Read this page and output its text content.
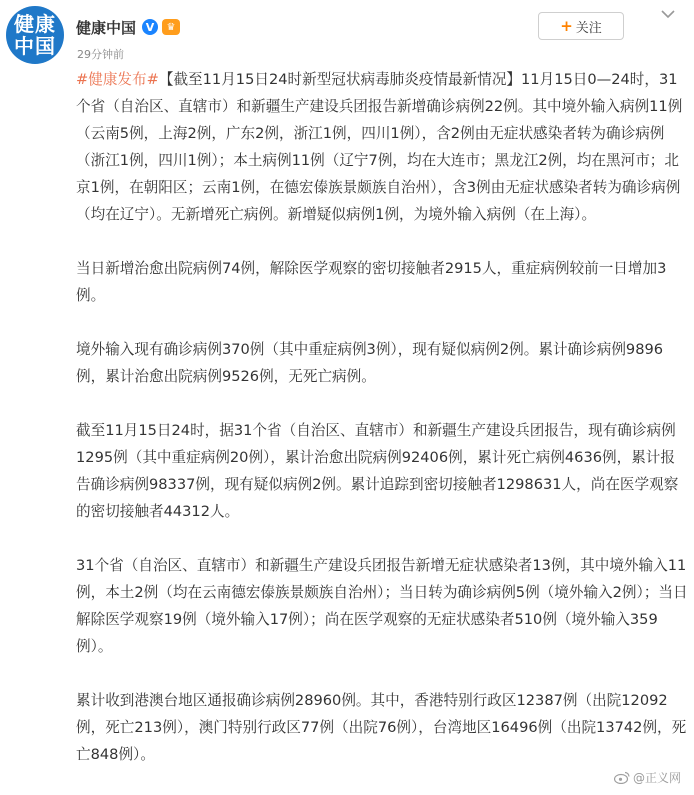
健康中国
健康中国 V	♛
29分钟前
+ 关注

#健康发布#【截至11月15日24时新型冠状病毒肺炎疫情最新情况】11月15日0—24时，31个省（自治区、直辖市）和新疆生产建设兵团报告新增确诊病例22例。其中境外输入病例11例（云南5例，上海2例，广东2例，浙江1例，四川1例），含2例由无症状感染者转为确诊病例（浙江1例，四川1例）；本土病例11例（辽宁7例，均在大连市；黑龙江2例，均在黑河市；北京1例，在朝阳区；云南1例，在德宏傣族景颇族自治州），含3例由无症状感染者转为确诊病例（均在辽宁）。无新增死亡病例。新增疑似病例1例，为境外输入病例（在上海）。

当日新增治愈出院病例74例，解除医学观察的密切接触者2915人，重症病例较前一日增加3例。

境外输入现有确诊病例370例（其中重症病例3例），现有疑似病例2例。累计确诊病例9896例，累计治愈出院病例9526例，无死亡病例。

截至11月15日24时，据31个省（自治区、直辖市）和新疆生产建设兵团报告，现有确诊病例1295例（其中重症病例20例），累计治愈出院病例92406例，累计死亡病例4636例，累计报告确诊病例98337例，现有疑似病例2例。累计追踪到密切接触者1298631人，尚在医学观察的密切接触者44312人。

31个省（自治区、直辖市）和新疆生产建设兵团报告新增无症状感染者13例，其中境外输入11例，本土2例（均在云南德宏傣族景颇族自治州）；当日转为确诊病例5例（境外输入2例）；当日解除医学观察19例（境外输入17例）；尚在医学观察的无症状感染者510例（境外输入359例）。

累计收到港澳台地区通报确诊病例28960例。其中，香港特别行政区12387例（出院12092例，死亡213例），澳门特别行政区77例（出院76例），台湾地区16496例（出院13742例，死亡848例）。

@正义网
